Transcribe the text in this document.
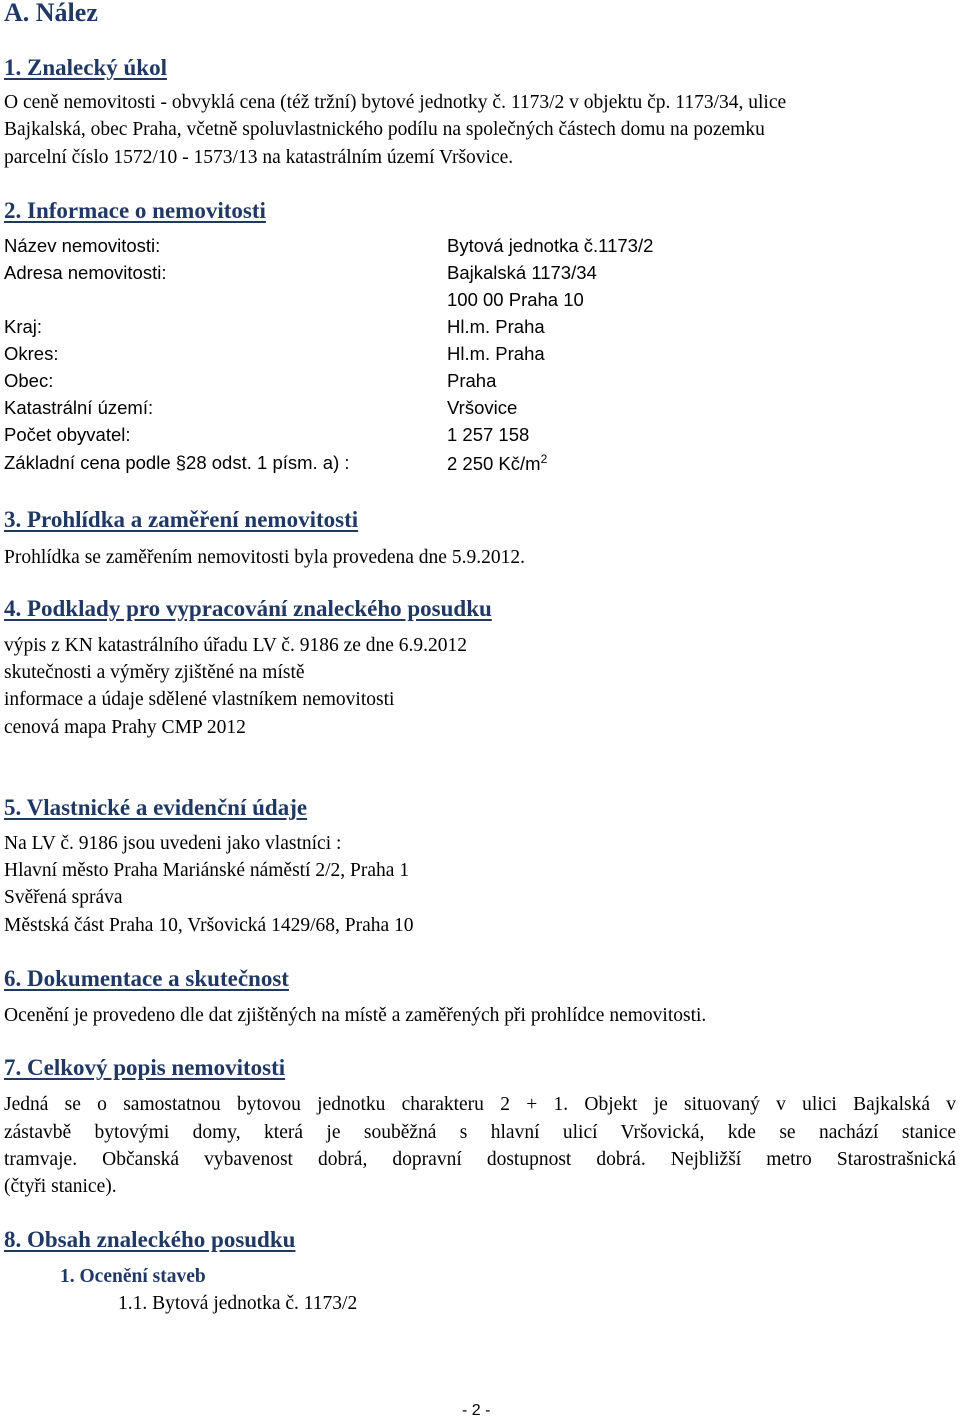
A. Nález
1. Znalecký úkol
O ceně nemovitosti - obvyklá cena (též tržní) bytové jednotky č. 1173/2 v objektu čp. 1173/34, ulice
Bajkalská, obec Praha, včetně spoluvlastnického podílu na společných částech domu na pozemku
parcelní číslo 1572/10 - 1573/13 na katastrálním území Vršovice.
2. Informace o nemovitosti
Název nemovitosti:	Bytová jednotka č.1173/2
Adresa nemovitosti:	Bajkalská 1173/34
100 00 Praha 10
Kraj:	Hl.m. Praha
Okres:	Hl.m. Praha
Obec:	Praha
Katastrální území:	Vršovice
Počet obyvatel:	1 257 158
Základní cena podle §28 odst. 1 písm. a) :	2 250 $Kč/m^2$
3. Prohlídka a zaměření nemovitosti
Prohlídka se zaměřením nemovitosti byla provedena dne 5.9.2012.
4. Podklady pro vypracování znaleckého posudku
výpis z KN katastrálního úřadu LV č. 9186 ze dne 6.9.2012
skutečnosti a výměry zjištěné na místě
informace a údaje sdělené vlastníkem nemovitosti
cenová mapa Prahy CMP 2012
5. Vlastnické a evidenční údaje
Na LV č. 9186 jsou uvedeni jako vlastníci :
Hlavní město Praha Mariánské náměstí 2/2, Praha 1
Svěřená správa
Městská část Praha 10, Vršovická 1429/68, Praha 10
6. Dokumentace a skutečnost
Ocenění je provedeno dle dat zjištěných na místě a zaměřených při prohlídce nemovitosti.
7. Celkový popis nemovitosti
Jedná se o samostatnou bytovou jednotku charakteru 2 + 1. Objekt je situovaný v ulici Bajkalská v
zástavbě bytovými domy, která je souběžná s hlavní ulicí Vršovická, kde se nachází stanice
tramvaje. Občanská vybavenost dobrá, dopravní dostupnost dobrá. Nejbližší metro Starostrašnická
(čtyři stanice).
8. Obsah znaleckého posudku
1. Ocenění staveb
1.1. Bytová jednotka č. 1173/2
- 2 -
